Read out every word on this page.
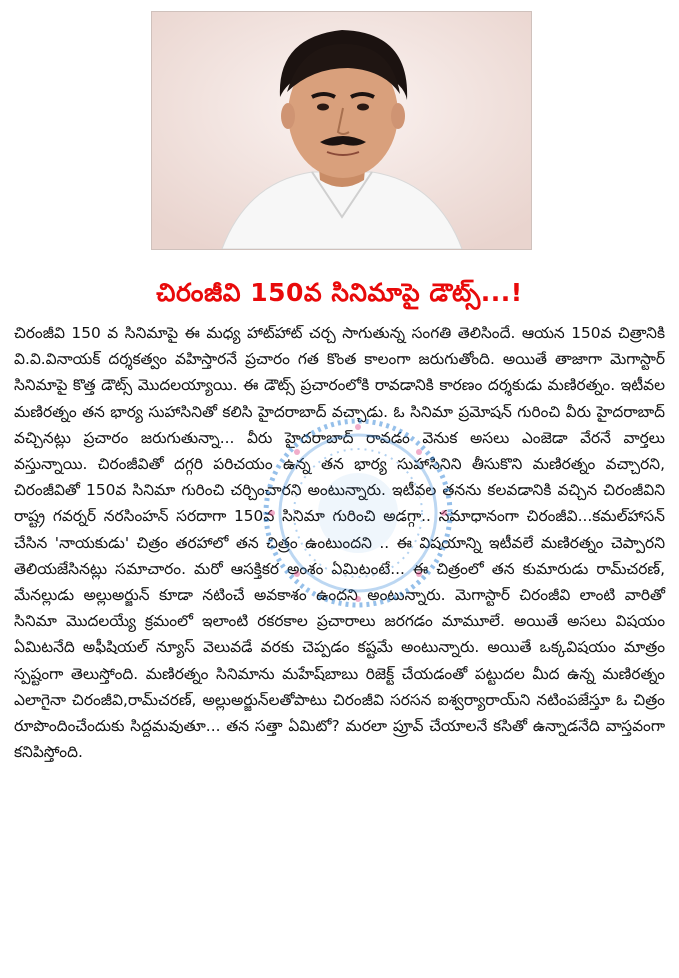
చిరంజీవి 150వ సినిమాపై డౌట్స్...!

చిరంజీవి 150 వ సినిమాపై ఈ మధ్య హాట్‌హాట్ చర్చ సాగుతున్న సంగతి తెలిసిందే. ఆయన 150వ చిత్రానికి వి.వి.వినాయక్ దర్శకత్వం వహిస్తారనే ప్రచారం గత కొంత కాలంగా జరుగుతోంది. అయితే తాజాగా మెగాస్టార్ సినిమాపై కొత్త డౌట్స్ మొదలయ్యాయి. ఈ డౌట్స్ ప్రచారంలోకి రావడానికి కారణం దర్శకుడు మణిరత్నం. ఇటీవల మణిరత్నం తన భార్య సుహాసినితో కలిసి హైదరాబాద్ వచ్చాడు. ఓ సినిమా ప్రమోషన్ గురించి వీరు హైదరాబాద్ వచ్చినట్లు ప్రచారం జరుగుతున్నా... వీరు హైదరాబాద్ రావడం వెనుక అసలు ఎంజెడా వేరనే వార్తలు వస్తున్నాయి. చిరంజీవితో దగ్గరి పరిచయం ఉన్న తన భార్య సుహాసినిని తీసుకొని మణిరత్నం వచ్చారని, చిరంజీవితో 150వ సినిమా గురించి చర్చించారని అంటున్నారు. ఇటీవల తనను కలవడానికి వచ్చిన చిరంజీవిని రాష్ట్ర గవర్నర్ నరసింహన్ సరదాగా 150వ సినిమా గురించి అడగ్గా.. సమాధానంగా చిరంజీవి...కమల్‌హాసన్ చేసిన 'నాయకుడు' చిత్రం తరహాలో తన చిత్రం ఉంటుందని .. ఈ విషయాన్ని ఇటీవలే మణిరత్నం చెప్పారని తెలియజేసినట్లు సమాచారం. మరో ఆసక్తికర అంశం ఏమిటంటే... ఈ చిత్రంలో తన కుమారుడు రామ్‌చరణ్, మేనల్లుడు అల్లుఅర్జున్ కూడా నటించే అవకాశం ఉందని అంటున్నారు. మెగాస్టార్ చిరంజీవి లాంటి వారితో సినిమా మొదలయ్యే క్రమంలో ఇలాంటి రకరకాల ప్రచారాలు జరగడం మామూలే. అయితే అసలు విషయం ఏమిటనేది అఫీషియల్ న్యూస్ వెలువడే వరకు చెప్పడం కష్టమే అంటున్నారు. అయితే ఒక్కవిషయం మాత్రం స్పష్టంగా తెలుస్తోంది. మణిరత్నం సినిమాను మహేష్‌బాబు రిజెక్ట్ చేయడంతో పట్టుదల మీద ఉన్న మణిరత్నం ఎలాగైనా చిరంజీవి,రామ్‌చరణ్, అల్లుఅర్జున్‌లతోపాటు చిరంజీవి సరసన ఐశ్వర్యారాయ్‌ని నటింపజేస్తూ ఓ చిత్రం రూపొందించేందుకు సిద్దమవుతూ... తన సత్తా ఏమిటో? మరలా ప్రూవ్ చేయాలనే కసితో ఉన్నాడనేది వాస్తవంగా కనిపిస్తోంది.
